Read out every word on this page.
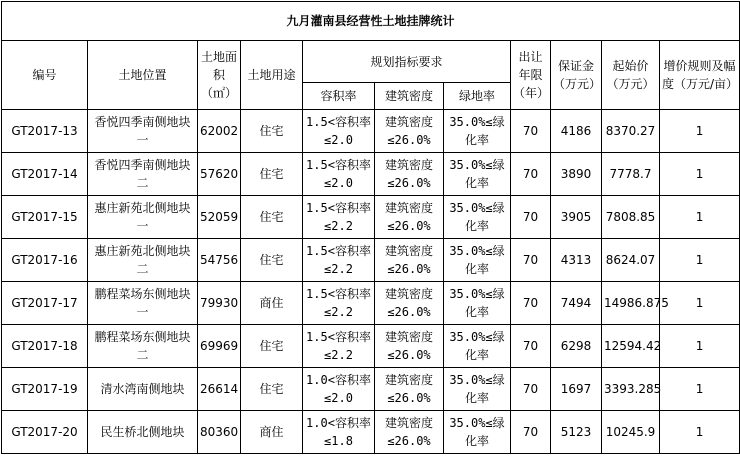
九月灌南县经营性土地挂牌统计										
编号	土地位置	土地面积（㎡）	土地用途	规划指标要求			出让年限（年）	保证金（万元）	起始价（万元）	增价规则及幅度（万元/亩）
				容积率	建筑密度	绿地率				
GT2017-13	香悦四季南侧地块一	62002	住宅	1.5<容积率≤2.0	建筑密度≤26.0%	35.0%≤绿化率	70	4186	8370.27	1
GT2017-14	香悦四季南侧地块二	57620	住宅	1.5<容积率≤2.0	建筑密度≤26.0%	35.0%≤绿化率	70	3890	7778.7	1
GT2017-15	惠庄新苑北侧地块一	52059	住宅	1.5<容积率≤2.2	建筑密度≤26.0%	35.0%≤绿化率	70	3905	7808.85	1
GT2017-16	惠庄新苑北侧地块二	54756	住宅	1.5<容积率≤2.2	建筑密度≤26.0%	35.0%≤绿化率	70	4313	8624.07	1
GT2017-17	鹏程菜场东侧地块一	79930	商住	1.5<容积率≤2.2	建筑密度≤26.0%	35.0%≤绿化率	70	7494	14986.875	1
GT2017-18	鹏程菜场东侧地块二	69969	住宅	1.5<容积率≤2.2	建筑密度≤26.0%	35.0%≤绿化率	70	6298	12594.42	1
GT2017-19	清水湾南侧地块	26614	住宅	1.0<容积率≤2.0	建筑密度≤26.0%	35.0%≤绿化率	70	1697	3393.285	1
GT2017-20	民生桥北侧地块	80360	商住	1.0<容积率≤1.8	建筑密度≤26.0%	35.0%≤绿化率	70	5123	10245.9	1
